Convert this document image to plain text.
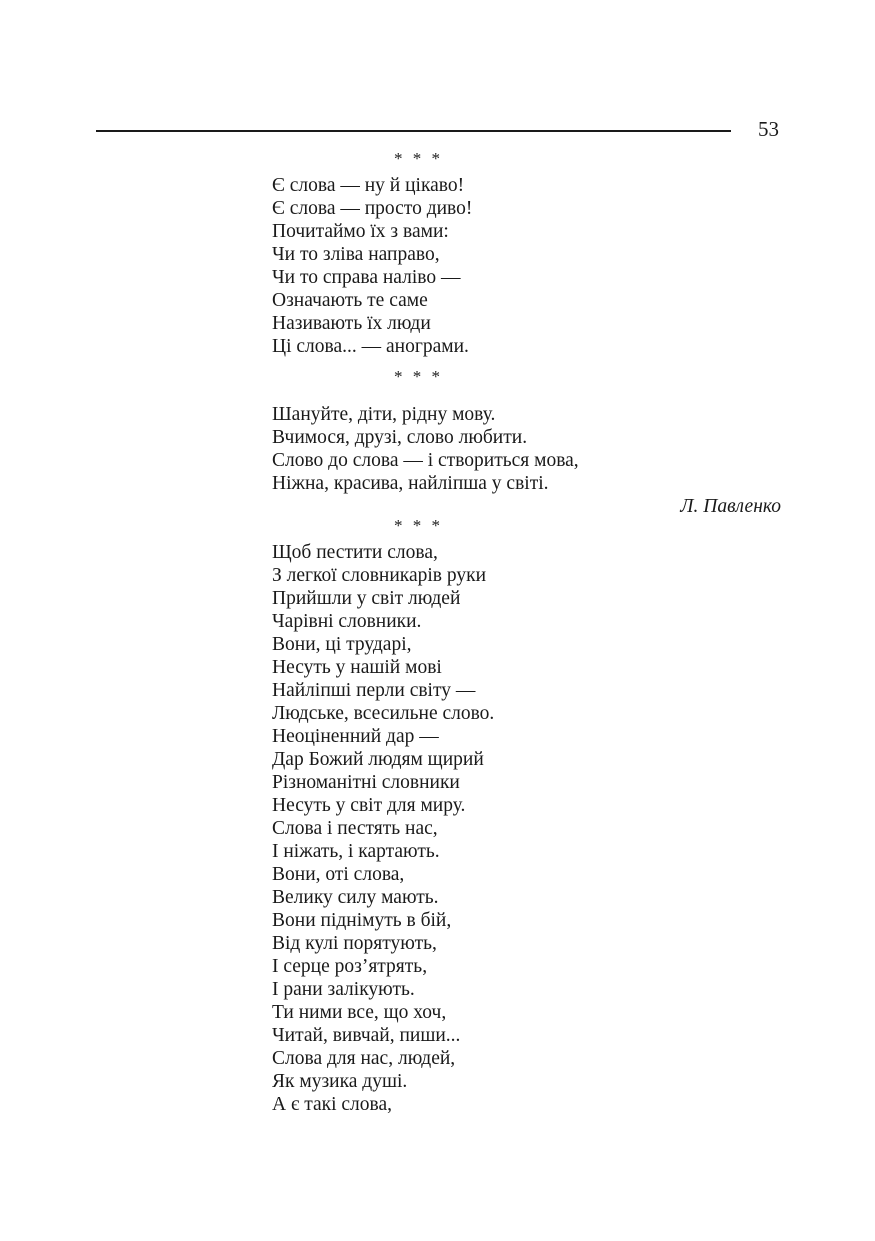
53
* * *
Є слова — ну й цікаво!
Є слова — просто диво!
Почитаймо їх з вами:
Чи то зліва направо,
Чи то справа наліво —
Означають те саме
Називають їх люди
Ці слова... — анограми.
* * *
Шануйте, діти, рідну мову.
Вчимося, друзі, слово любити.
Слово до слова — і створиться мова,
Ніжна, красива, найліпша у світі.
Л. Павленко
* * *
Щоб пестити слова,
З легкої словникарів руки
Прийшли у світ людей
Чарівні словники.
Вони, ці трударі,
Несуть у нашій мові
Найліпші перли світу —
Людське, всесильне слово.
Неоціненний дар —
Дар Божий людям щирий
Різноманітні словники
Несуть у світ для миру.
Слова і пестять нас,
І ніжать, і картають.
Вони, оті слова,
Велику силу мають.
Вони піднімуть в бій,
Від кулі порятують,
І серце роз’ятрять,
І рани залікують.
Ти ними все, що хоч,
Читай, вивчай, пиши...
Слова для нас, людей,
Як музика душі.
А є такі слова,
